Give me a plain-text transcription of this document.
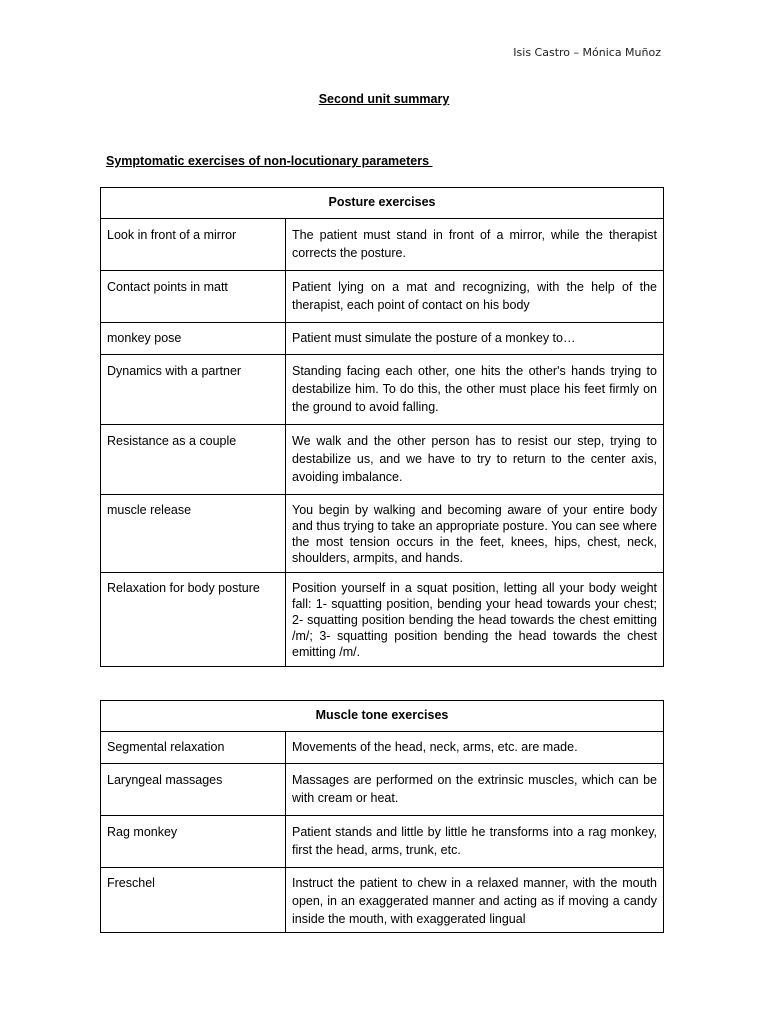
Isis Castro – Mónica Muñoz
Second unit summary
Symptomatic exercises of non-locutionary parameters
Posture exercises	
Look in front of a mirror	The patient must stand in front of a mirror, while the therapist corrects the posture.
Contact points in matt	Patient lying on a mat and recognizing, with the help of the therapist, each point of contact on his body
monkey pose	Patient must simulate the posture of a monkey to…
Dynamics with a partner	Standing facing each other, one hits the other's hands trying to destabilize him. To do this, the other must place his feet firmly on the ground to avoid falling.
Resistance as a couple	We walk and the other person has to resist our step, trying to destabilize us, and we have to try to return to the center axis, avoiding imbalance.
muscle release	You begin by walking and becoming aware of your entire body and thus trying to take an appropriate posture. You can see where the most tension occurs in the feet, knees, hips, chest, neck, shoulders, armpits, and hands.
Relaxation for body posture	Position yourself in a squat position, letting all your body weight fall: 1- squatting position, bending your head towards your chest; 2- squatting position bending the head towards the chest emitting /m/; 3- squatting position bending the head towards the chest emitting /m/.
Muscle tone exercises	
Segmental relaxation	Movements of the head, neck, arms, etc. are made.
Laryngeal massages	Massages are performed on the extrinsic muscles, which can be with cream or heat.
Rag monkey	Patient stands and little by little he transforms into a rag monkey, first the head, arms, trunk, etc.
Freschel	Instruct the patient to chew in a relaxed manner, with the mouth open, in an exaggerated manner and acting as if moving a candy inside the mouth, with exaggerated lingual
